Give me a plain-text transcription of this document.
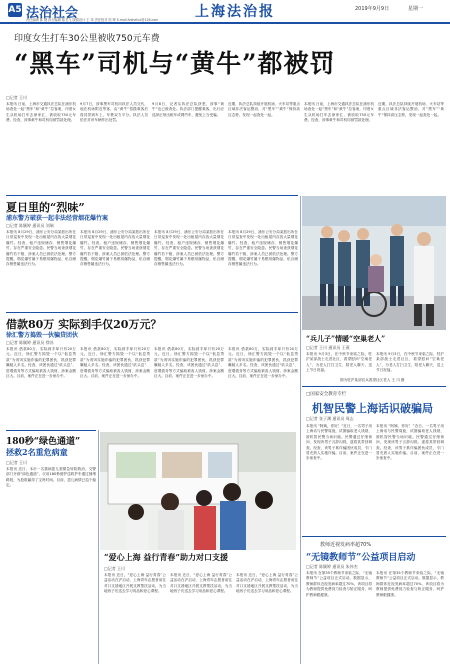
A5 法治社会
责任编辑 陈 钢 执行编辑 陈龙飞 版面设计 王 玮 责任校对 邬 晖 E-mail:fzshehui@126.com	上海法治报	2019年9月9日	星期一
印度女生打车30公里被收750元车费
“黑车”司机与“黄牛”都被罚
□记者 王川
本报讯 日前，上海市交通执法总队在浦东机场查处一起“黑车”和“黄牛”拉客案，印度女生从机场打车去徐家汇，被收取750元车费。经查，涉事黄牛和司机均被罚款处理。
9月7日，涉事黑车司机向执法人员交代，他在机场附近等客，由“黄牛”招揽乘客后将其带到车上，车费双方平分。执法人员依法对该车辆作出处罚。
9月8日，记者从执法总队获悉，涉事“黄牛”也已被查处。执法部门提醒乘客，出行应选择正规出租车或网约车，避免上当受骗。
近期，执法总队持续开展机场、火车站等重点区域非法客运整治，对“黑车”“黄牛”保持高压态势，发现一起查处一起。
本报讯 日前，上海市交通执法总队在浦东机场查处一起“黑车”和“黄牛”拉客案，印度女生从机场打车去徐家汇，被收取750元车费。经查，涉事黄牛和司机均被罚款处理。
近期，执法总队持续开展机场、火车站等重点区域非法客运整治，对“黑车”“黄牛”保持高压态势，发现一起查处一起。
夏日里的“烈味”
浦东警方破获一起非法经营烟花爆竹案
□记者 陈颖婷 通讯员 刘瑞
本报讯 8月29日，浦东公安分局某派出所在日常巡查中发现一处出租屋内存放大量烟花爆竹。经查，租户违规储存、销售烟花爆竹，存在严重安全隐患。民警当场查获烟花爆竹若干箱，涉案人员已被依法处理。警方提醒，烟花爆竹属于易燃易爆物品，私自储存销售属违法行为。
本报讯 8月29日，浦东公安分局某派出所在日常巡查中发现一处出租屋内存放大量烟花爆竹。经查，租户违规储存、销售烟花爆竹，存在严重安全隐患。民警当场查获烟花爆竹若干箱，涉案人员已被依法处理。警方提醒，烟花爆竹属于易燃易爆物品，私自储存销售属违法行为。
本报讯 8月29日，浦东公安分局某派出所在日常巡查中发现一处出租屋内存放大量烟花爆竹。经查，租户违规储存、销售烟花爆竹，存在严重安全隐患。民警当场查获烟花爆竹若干箱，涉案人员已被依法处理。警方提醒，烟花爆竹属于易燃易爆物品，私自储存销售属违法行为。
本报讯 8月29日，浦东公安分局某派出所在日常巡查中发现一处出租屋内存放大量烟花爆竹。经查，租户违规储存、销售烟花爆竹，存在严重安全隐患。民警当场查获烟花爆竹若干箱，涉案人员已被依法处理。警方提醒，烟花爆竹属于易燃易爆物品，私自储存销售属违法行为。
借款80万 实际到手仅20万元？
徐汇警方捣毁一伙骗贷团伙
□记者 陈颖婷 通讯员 徐苏
本报讯 借款80万，实际到手却只有20万元。近日，徐汇警方捣毁一个以“低息贷款”为诱饵实施诈骗的犯罪团伙，抓获犯罪嫌疑人多名。经查，该团伙通过“砍头息”、虚增债务等方式骗取被害人钱财，涉案金额巨大。目前，案件正在进一步侦办中。
本报讯 借款80万，实际到手却只有20万元。近日，徐汇警方捣毁一个以“低息贷款”为诱饵实施诈骗的犯罪团伙，抓获犯罪嫌疑人多名。经查，该团伙通过“砍头息”、虚增债务等方式骗取被害人钱财，涉案金额巨大。目前，案件正在进一步侦办中。
本报讯 借款80万，实际到手却只有20万元。近日，徐汇警方捣毁一个以“低息贷款”为诱饵实施诈骗的犯罪团伙，抓获犯罪嫌疑人多名。经查，该团伙通过“砍头息”、虚增债务等方式骗取被害人钱财，涉案金额巨大。目前，案件正在进一步侦办中。
本报讯 借款80万，实际到手却只有20万元。近日，徐汇警方捣毁一个以“低息贷款”为诱饵实施诈骗的犯罪团伙，抓获犯罪嫌疑人多名。经查，该团伙通过“砍头息”、虚增债务等方式骗取被害人钱财，涉案金额巨大。目前，案件正在进一步侦办中。
“兵儿子”情暖“空巢老人”
□记者 王川 通讯员 王燕
本报讯 9月3日，在中秋节来临之际，驻沪某部战士走进社区，看望慰问“空巢老人”，为老人打扫卫生、陪老人聊天，送上节日祝福。
本报讯 9月3日，在中秋节来临之际，驻沪某部战士走进社区，看望慰问“空巢老人”，为老人打扫卫生、陪老人聊天，送上节日祝福。
图为驻沪某部官兵看望社区老人 王 川 摄
□国家安全教育专栏
机智民警上海话识破骗局
□记者 张子渊 通讯员 周志
本报讯 “阿姨，你好！”近日，一名男子用上海话与民警周旋，试图骗取老人钱财，被机智民警当场识破。民警通过仔细询问，发现该男子言辞闪烁，遂将其带回调查。经查，该男子系诈骗团伙成员，专门冒充熟人实施诈骗。目前，案件正在进一步侦查中。
本报讯 “阿姨，你好！”近日，一名男子用上海话与民警周旋，试图骗取老人钱财，被机智民警当场识破。民警通过仔细询问，发现该男子言辞闪烁，遂将其带回调查。经查，该男子系诈骗团伙成员，专门冒充熟人实施诈骗。目前，案件正在进一步侦查中。
180秒“绿色通道”
拯救2名重危病童
□记者 王川
本报讯 近日，本市一名重病患儿需紧急转院救治，交警部门开辟“绿色通道”，仅用180秒便护送救护车通过拥堵路段，为抢救赢得了宝贵时间。目前，患儿病情已趋于稳定。
“爱心上海 益行青春”助力对口支援
□记者 王川
本报讯 近日，“爱心上海 益行青春”公益活动在沪启动，上海青年志愿者前往对口支援地区开展支教帮扶活动，为当地孩子们送去学习用品和爱心课程。
本报讯 近日，“爱心上海 益行青春”公益活动在沪启动，上海青年志愿者前往对口支援地区开展支教帮扶活动，为当地孩子们送去学习用品和爱心课程。
本报讯 近日，“爱心上海 益行青春”公益活动在沪启动，上海青年志愿者前往对口支援地区开展支教帮扶活动，为当地孩子们送去学习用品和爱心课程。
教师近视发病率超70%
“无镜教师节”公益项目启动
□记者 陈颖婷 通讯员 朱伟杰
本报讯 在第35个教师节来临之际，“无镜教师节”公益项目正式启动。数据显示，教师群体近视发病率超过70%，该项目将为教师提供免费视力检查与矫正服务，呵护教师眼健康。
本报讯 在第35个教师节来临之际，“无镜教师节”公益项目正式启动。数据显示，教师群体近视发病率超过70%，该项目将为教师提供免费视力检查与矫正服务，呵护教师眼健康。
